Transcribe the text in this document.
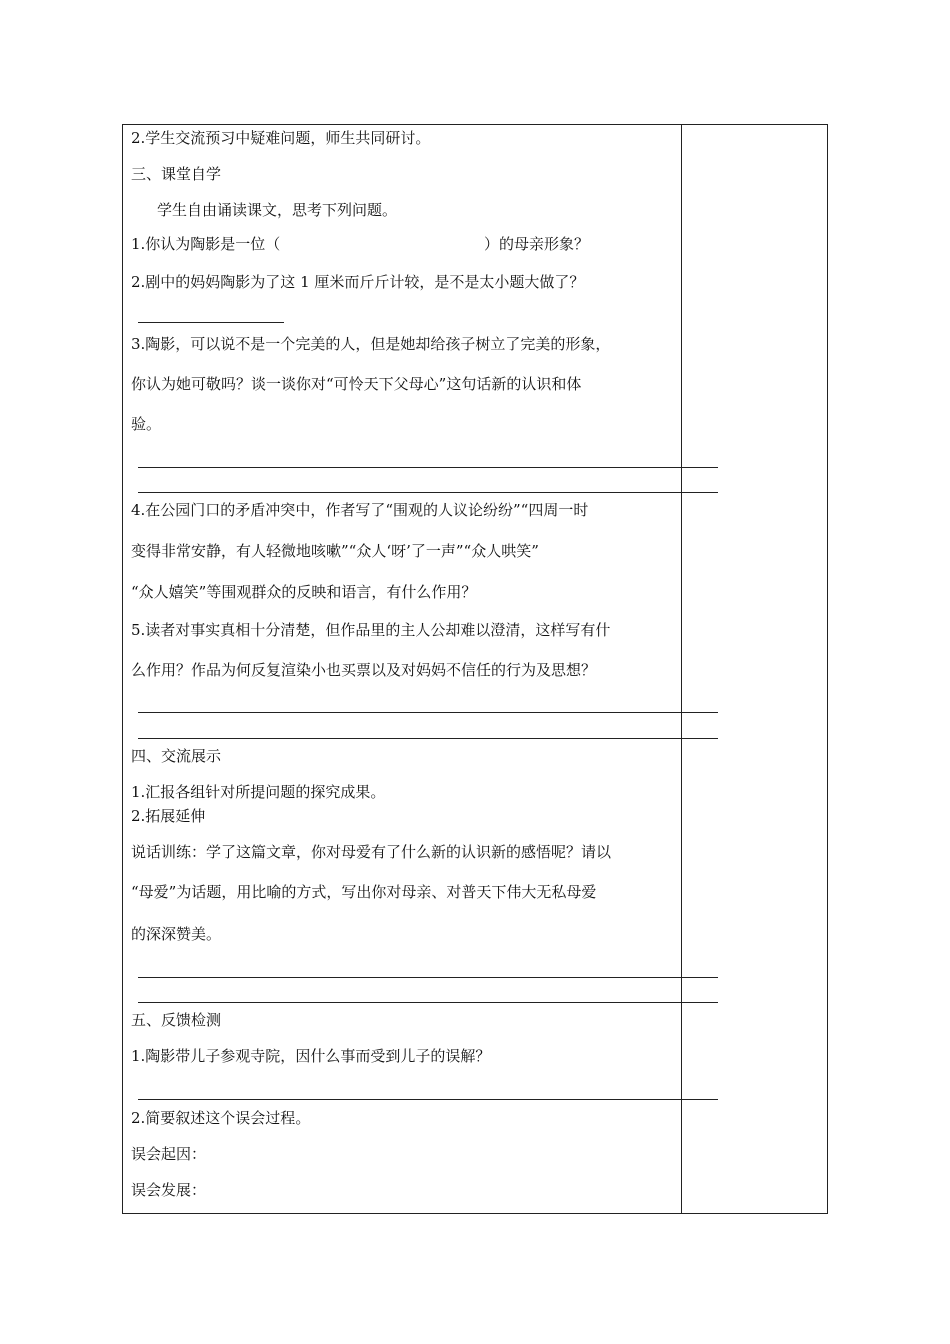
2.学生交流预习中疑难问题，师生共同研讨。
三、课堂自学
学生自由诵读课文，思考下列问题。
1.你认为陶影是一位（	）的母亲形象？
2.剧中的妈妈陶影为了这 1 厘米而斤斤计较，是不是太小题大做了？
3.陶影，可以说不是一个完美的人，但是她却给孩子树立了完美的形象，
你认为她可敬吗？谈一谈你对“可怜天下父母心”这句话新的认识和体
验。
4.在公园门口的矛盾冲突中，作者写了“围观的人议论纷纷”“四周一时
变得非常安静，有人轻微地咳嗽”“众人‘呀’了一声”“众人哄笑”
“众人嬉笑”等围观群众的反映和语言，有什么作用？
5.读者对事实真相十分清楚，但作品里的主人公却难以澄清，这样写有什
么作用？作品为何反复渲染小也买票以及对妈妈不信任的行为及思想？
四、交流展示
1.汇报各组针对所提问题的探究成果。
2.拓展延伸
说话训练：学了这篇文章，你对母爱有了什么新的认识新的感悟呢？请以
“母爱”为话题，用比喻的方式，写出你对母亲、对普天下伟大无私母爱
的深深赞美。
五、反馈检测
1.陶影带儿子参观寺院，因什么事而受到儿子的误解？
2.简要叙述这个误会过程。
误会起因：
误会发展：
